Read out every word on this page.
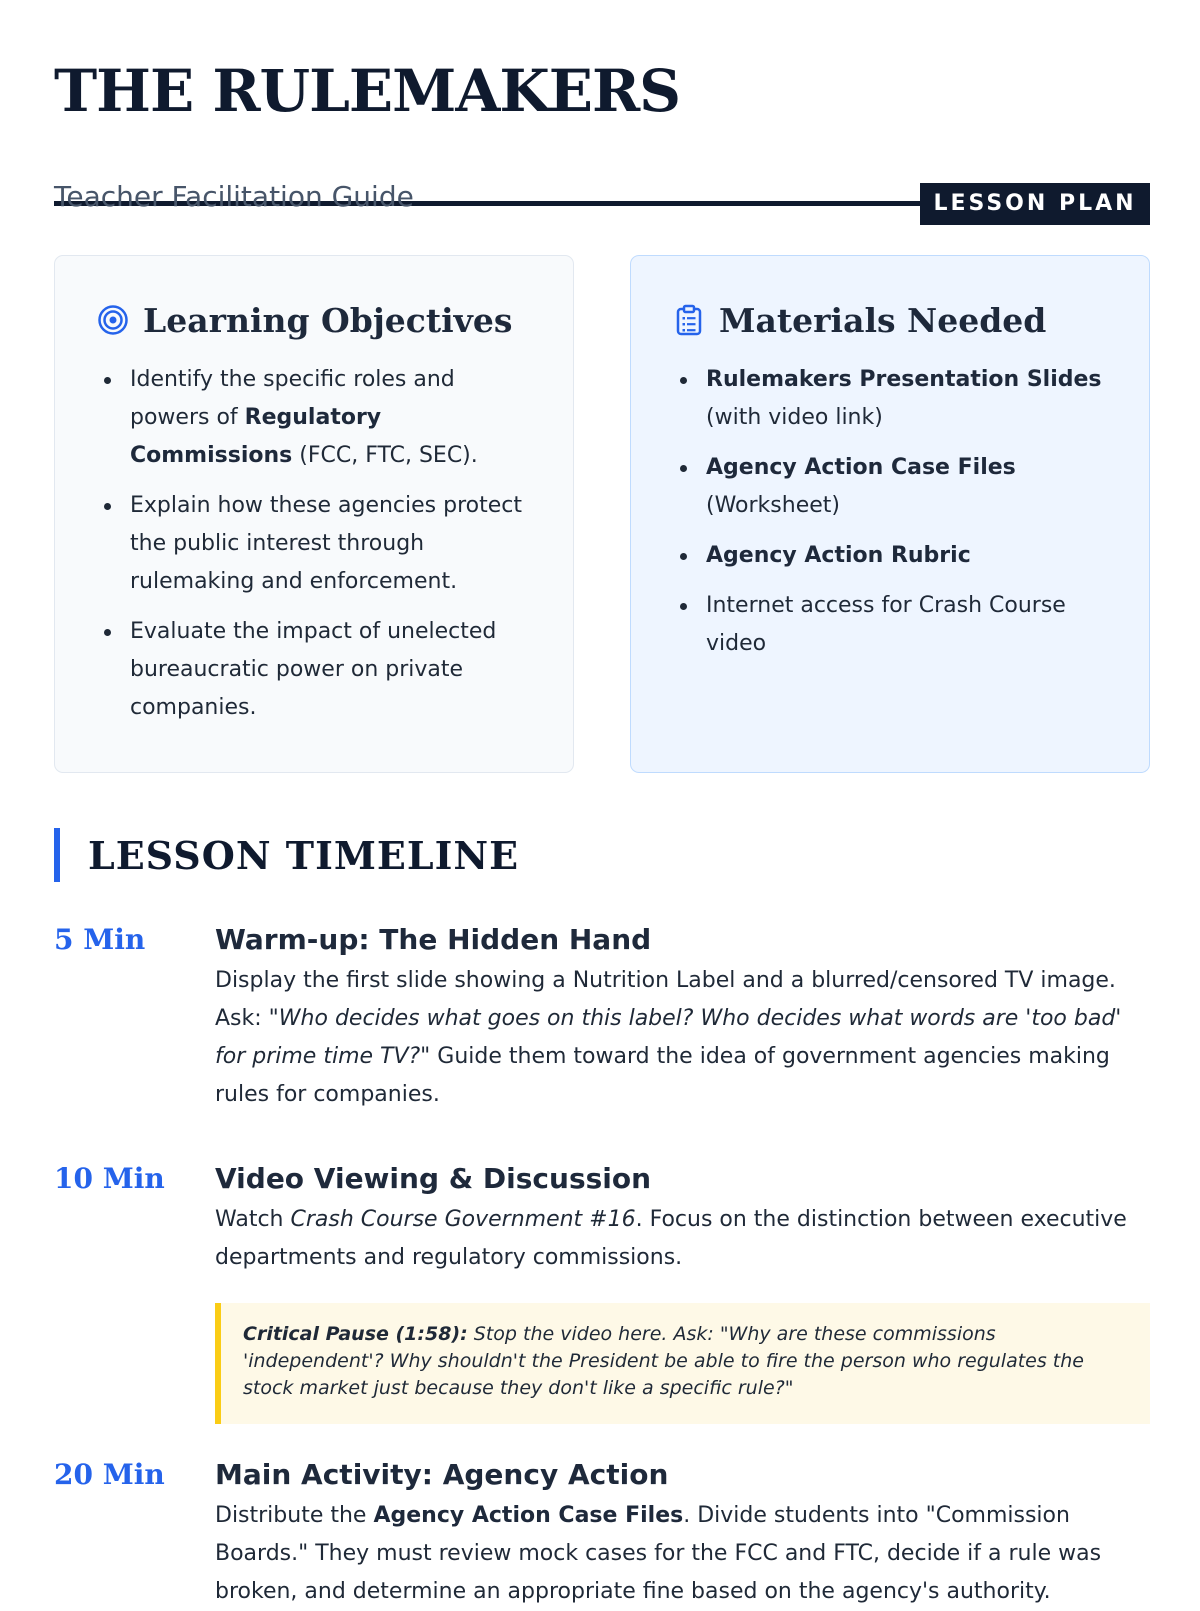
THE RULEMAKERS
Teacher Facilitation Guide	LESSON PLAN
Learning Objectives
Identify the specific roles and powers of Regulatory Commissions (FCC, FTC, SEC).
Explain how these agencies protect the public interest through rulemaking and enforcement.
Evaluate the impact of unelected bureaucratic power on private companies.
Materials Needed
Rulemakers Presentation Slides (with video link)
Agency Action Case Files (Worksheet)
Agency Action Rubric
Internet access for Crash Course video
LESSON TIMELINE
5 Min Warm-up: The Hidden Hand

Display the first slide showing a Nutrition Label and a blurred/censored TV image. Ask: "Who decides what goes on this label? Who decides what words are 'too bad' for prime time TV?" Guide them toward the idea of government agencies making rules for companies.

10 Min Video Viewing & Discussion

Watch Crash Course Government #16. Focus on the distinction between executive departments and regulatory commissions.

Critical Pause (1:58): Stop the video here. Ask: "Why are these commissions 'independent'? Why shouldn't the President be able to fire the person who regulates the stock market just because they don't like a specific rule?"
20 Min Main Activity: Agency Action

Distribute the Agency Action Case Files. Divide students into "Commission Boards." They must review mock cases for the FCC and FTC, decide if a rule was broken, and determine an appropriate fine based on the agency's authority.
